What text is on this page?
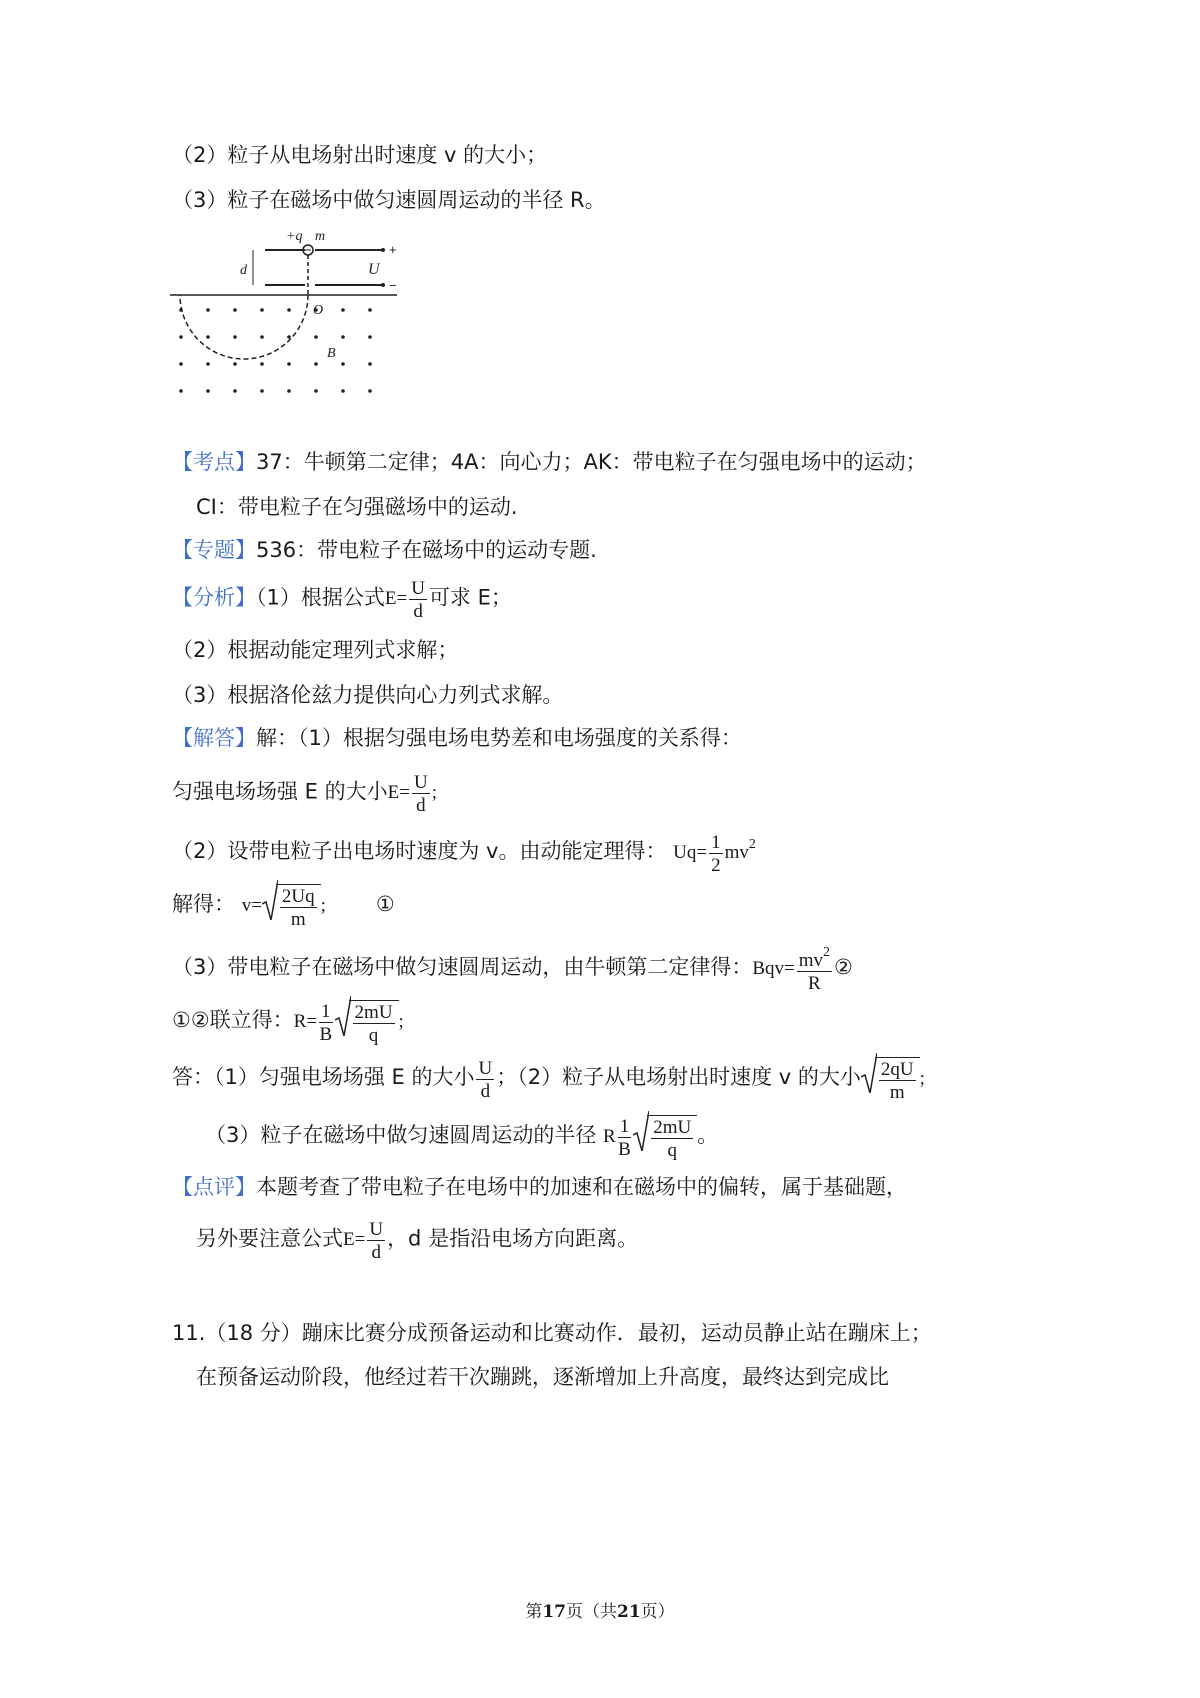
（2）粒子从电场射出时速度 v 的大小；
（3）粒子在磁场中做匀速圆周运动的半径 R。
+q m
d	U
O
B
+
−
【考点】37：牛顿第二定律；4A：向心力；AK：带电粒子在匀强电场中的运动；
CI：带电粒子在匀强磁场中的运动.
【专题】536：带电粒子在磁场中的运动专题.
【分析】（1）根据公式$E= \frac{U}{d}$ 可求 E；
（2）根据动能定理列式求解；
（3）根据洛伦兹力提供向心力列式求解。
【解答】解：（1）根据匀强电场电势差和电场强度的关系得：
匀强电场场强 E 的大小$E= \frac{U}{d}$ ;
（2）设带电粒子出电场时速度为 v。由动能定理得： $Uq= \frac{1}{2} mv^2$
解得： $v= \frac{2Uq}{m}$ ; ①
（3）带电粒子在磁场中做匀速圆周运动，由牛顿第二定律得：$Bqv= \frac{mv^2}{R}$ ②
①②联立得：$R= \frac{1}{B} \frac{2mU}{q}$ ;
答：（1）匀强电场场强 E 的大小 $\frac{U}{d}$ ；（2）粒子从电场射出时速度 v 的大小 $\frac{2qU}{m}$ ;
（3）粒子在磁场中做匀速圆周运动的半径 R $\frac{1}{B} \frac{2mU}{q}$ 。
【点评】本题考查了带电粒子在电场中的加速和在磁场中的偏转，属于基础题，
另外要注意公式$E= \frac{U}{d}$ ，d 是指沿电场方向距离。
11.（18 分）蹦床比赛分成预备运动和比赛动作．最初，运动员静止站在蹦床上；
在预备运动阶段，他经过若干次蹦跳，逐渐增加上升高度，最终达到完成比
第17页（共21页）
